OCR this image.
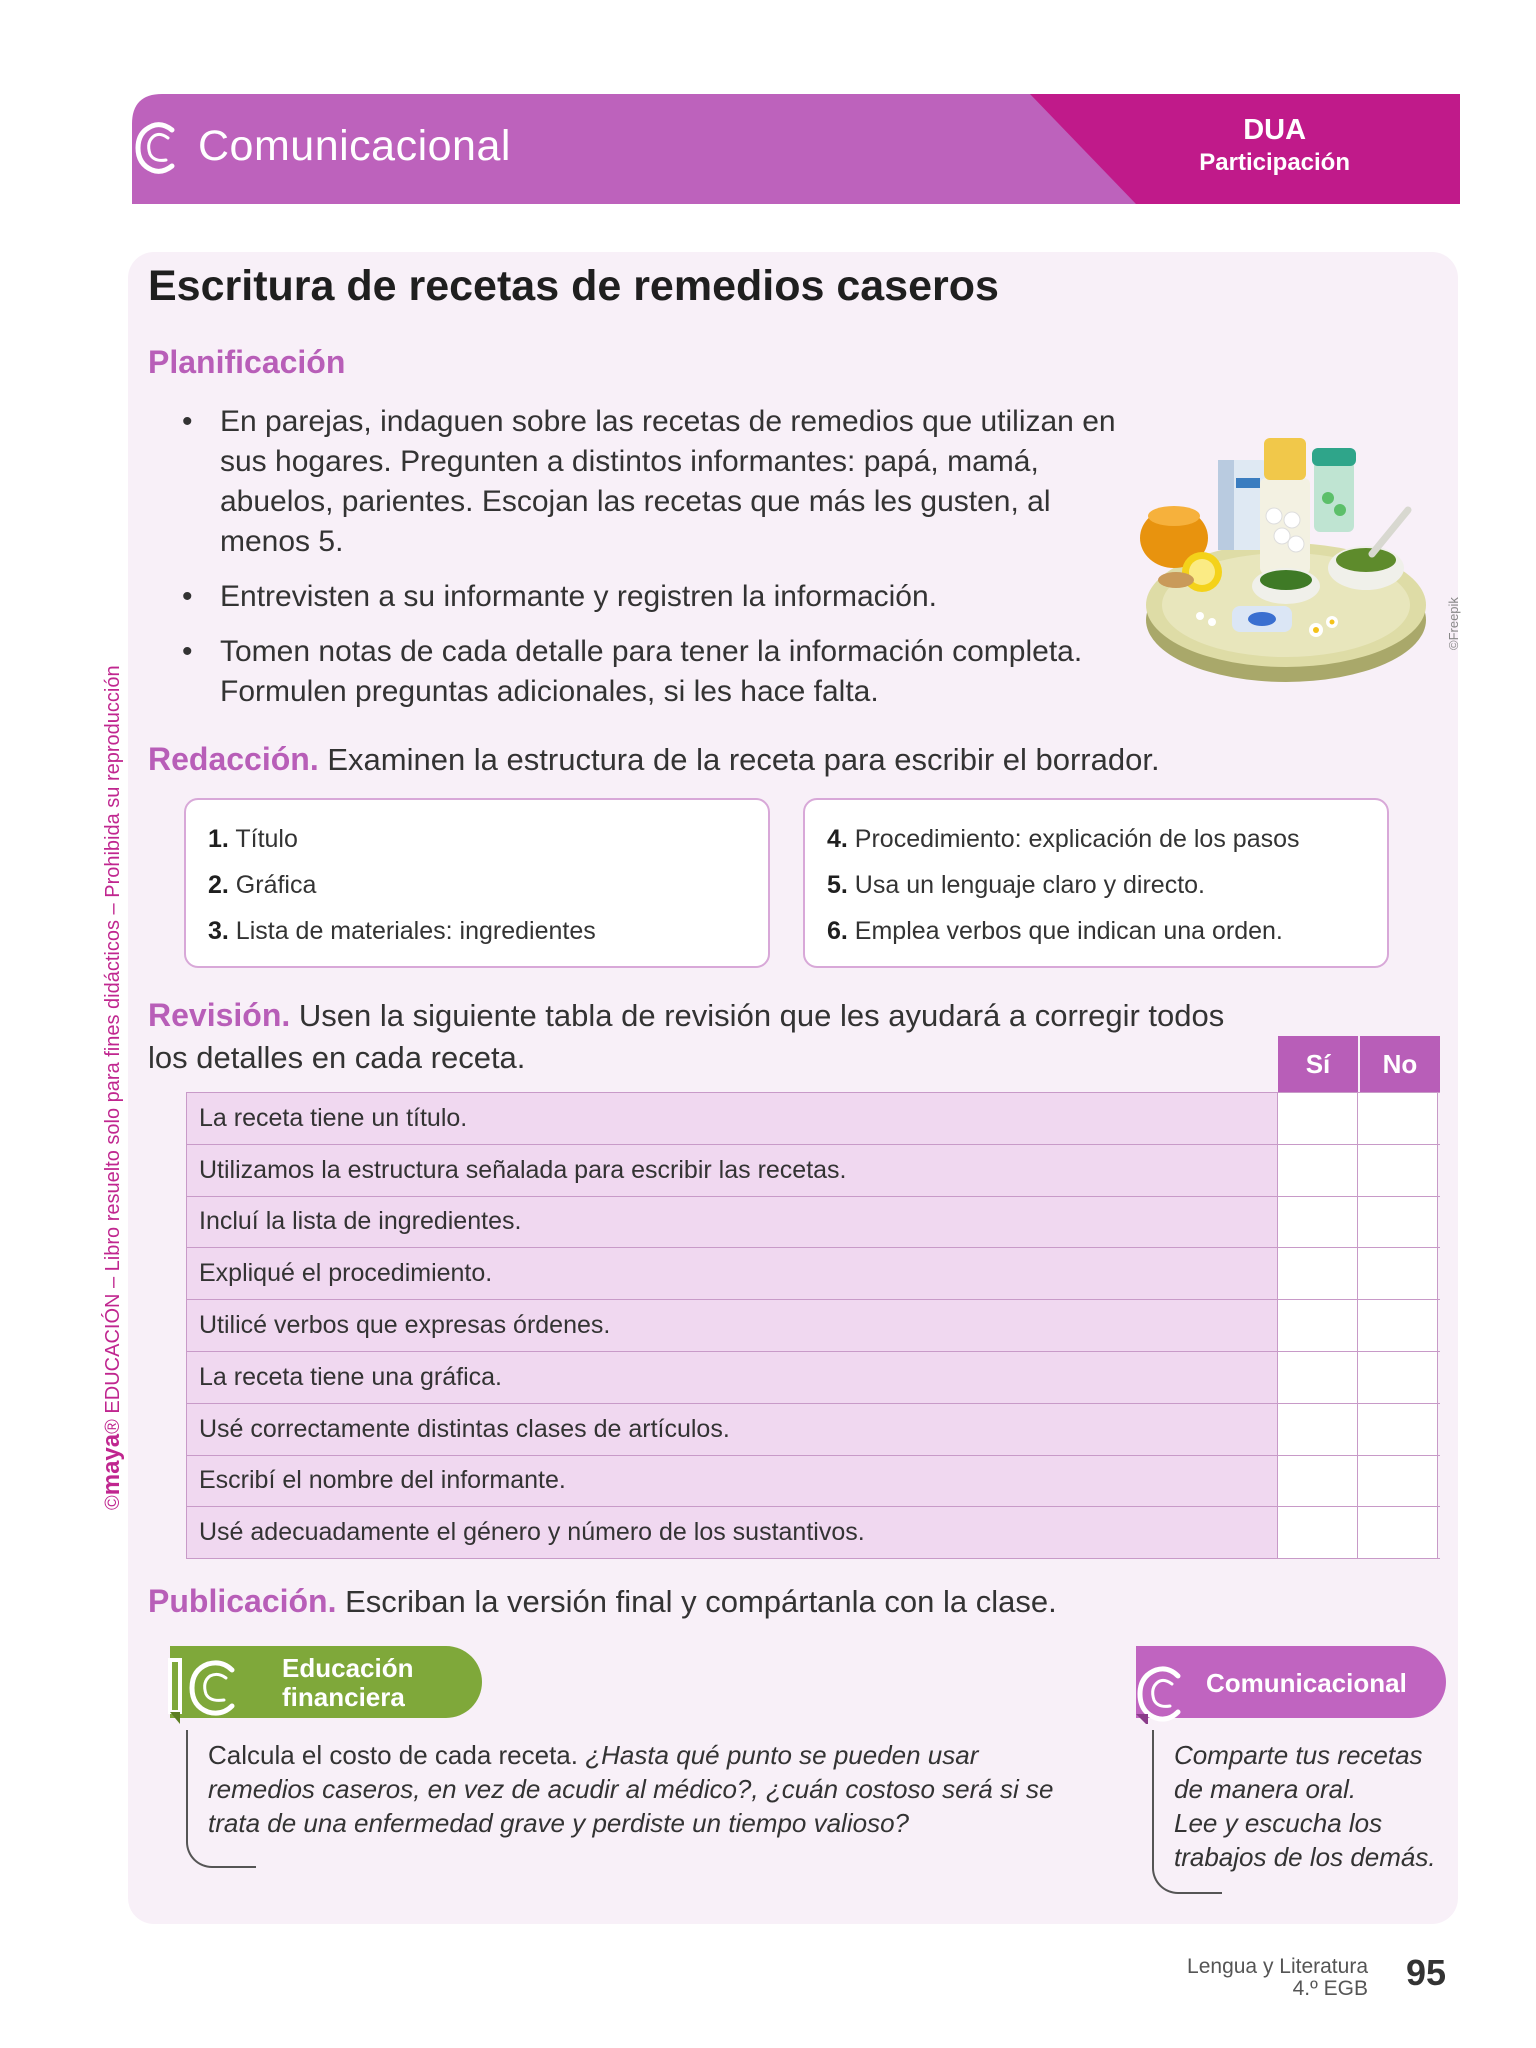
Comunicacional	DUA
Participación
©maya® EDUCACIÓN – Libro resuelto solo para fines didácticos – Prohibida su reproducción
Escritura de recetas de remedios caseros
Planificación
• En parejas, indaguen sobre las recetas de remedios que utilizan en sus hogares. Pregunten a distintos informantes: papá, mamá, abuelos, parientes. Escojan las recetas que más les gusten, al menos 5.
• Entrevisten a su informante y registren la información.
• Tomen notas de cada detalle para tener la información completa. Formulen preguntas adicionales, si les hace falta.
©Freepik
Redacción. Examinen la estructura de la receta para escribir el borrador.
1. Título
2. Gráfica
3. Lista de materiales: ingredientes
4. Procedimiento: explicación de los pasos
5. Usa un lenguaje claro y directo.
6. Emplea verbos que indican una orden.
Revisión. Usen la siguiente tabla de revisión que les ayudará a corregir todos los detalles en cada receta.	Sí	No
La receta tiene un título.
Utilizamos la estructura señalada para escribir las recetas.
Incluí la lista de ingredientes.
Expliqué el procedimiento.
Utilicé verbos que expresas órdenes.
La receta tiene una gráfica.
Usé correctamente distintas clases de artículos.
Escribí el nombre del informante.
Usé adecuadamente el género y número de los sustantivos.
Publicación. Escriban la versión final y compártanla con la clase.
Educación
financiera
Calcula el costo de cada receta. ¿Hasta qué punto se pueden usar remedios caseros, en vez de acudir al médico?, ¿cuán costoso será si se trata de una enfermedad grave y perdiste un tiempo valioso?
Comunicacional
Comparte tus recetas
de manera oral.
Lee y escucha los
trabajos de los demás.
Lengua y Literatura
4.º EGB 95
